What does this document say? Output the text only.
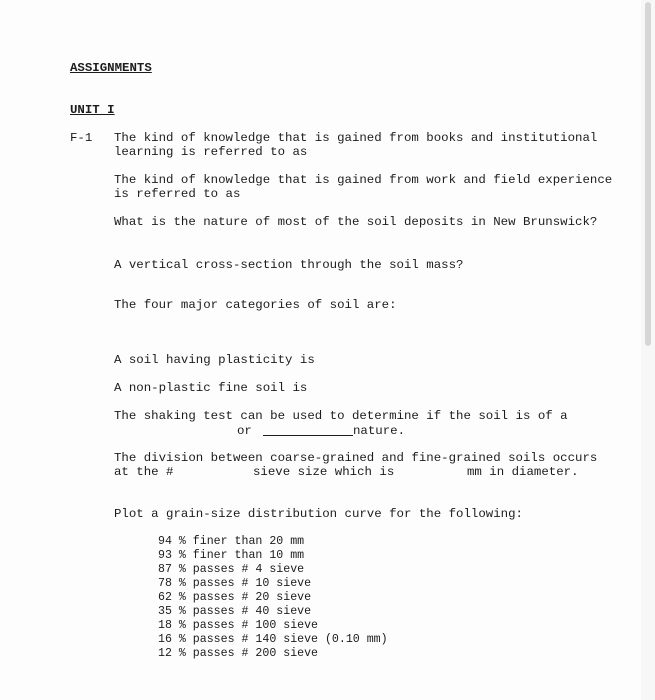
ASSIGNMENTS
UNIT I
F-1 The kind of knowledge that is gained from books and institutional
learning is referred to as
The kind of knowledge that is gained from work and field experience
is referred to as
What is the nature of most of the soil deposits in New Brunswick?
A vertical cross-section through the soil mass?
The four major categories of soil are:
A soil having plasticity is
A non-plastic fine soil is
The shaking test can be used to determine if the soil is of a
or	nature.
The division between coarse-grained and fine-grained soils occurs
at the #	sieve size which is	mm in diameter.
Plot a grain-size distribution curve for the following:
94 % finer than 20 mm
93 % finer than 10 mm
87 % passes # 4 sieve
78 % passes # 10 sieve
62 % passes # 20 sieve
35 % passes # 40 sieve
18 % passes # 100 sieve
16 % passes # 140 sieve (0.10 mm)
12 % passes # 200 sieve
